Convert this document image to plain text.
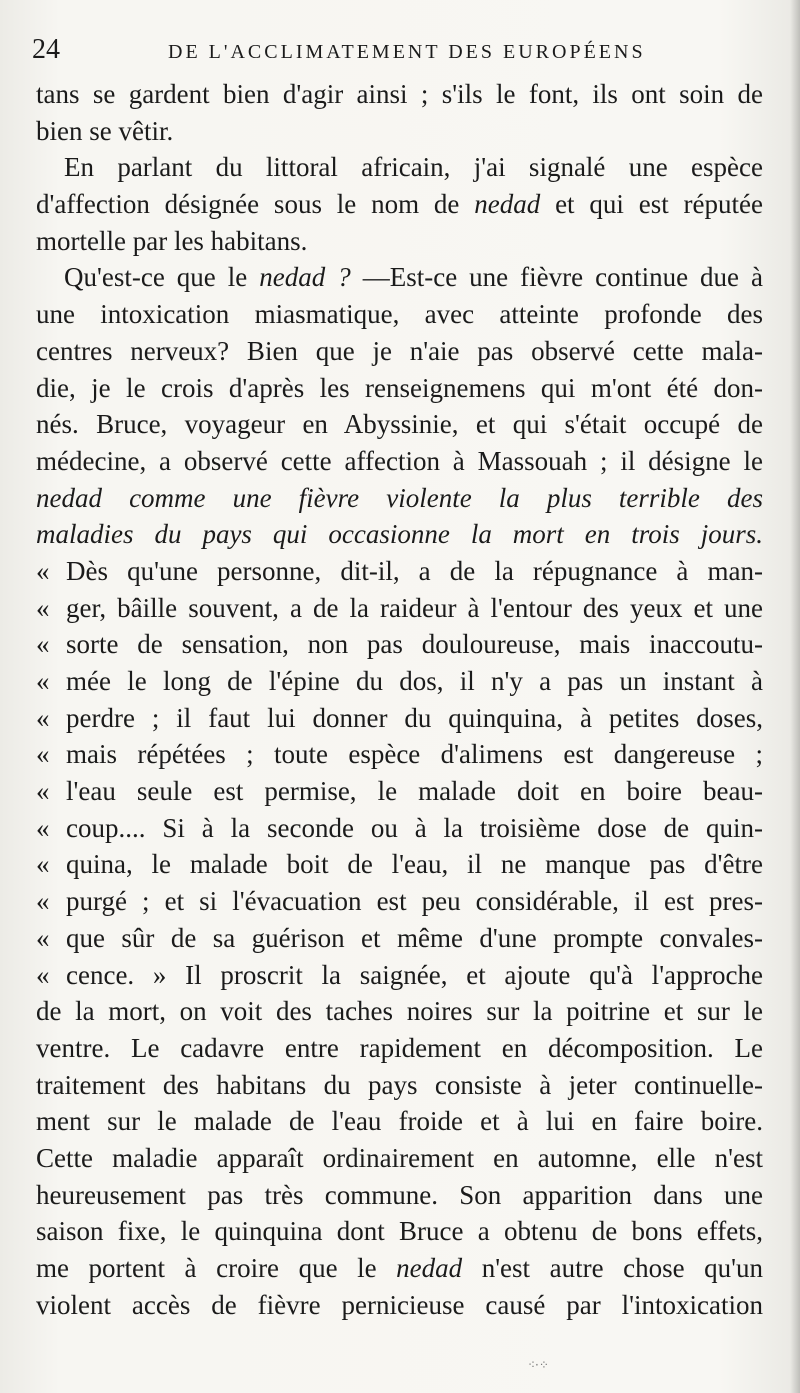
24	DE L'ACCLIMATEMENT DES EUROPÉENS
tans se gardent bien d'agir ainsi ; s'ils le font, ils ont soin de
bien se vêtir.
En parlant du littoral africain, j'ai signalé une espèce
d'affection désignée sous le nom de nedad et qui est réputée
mortelle par les habitans.
Qu'est-ce que le nedad ? —Est-ce une fièvre continue due à
une intoxication miasmatique, avec atteinte profonde des
centres nerveux? Bien que je n'aie pas observé cette mala-
die, je le crois d'après les renseignemens qui m'ont été don-
nés. Bruce, voyageur en Abyssinie, et qui s'était occupé de
médecine, a observé cette affection à Massouah ; il désigne le
nedad comme une fièvre violente la plus terrible des
maladies du pays qui occasionne la mort en trois jours.
« Dès qu'une personne, dit-il, a de la répugnance à man-
« ger, bâille souvent, a de la raideur à l'entour des yeux et une
« sorte de sensation, non pas douloureuse, mais inaccoutu-
« mée le long de l'épine du dos, il n'y a pas un instant à
« perdre ; il faut lui donner du quinquina, à petites doses,
« mais répétées ; toute espèce d'alimens est dangereuse ;
« l'eau seule est permise, le malade doit en boire beau-
« coup.... Si à la seconde ou à la troisième dose de quin-
« quina, le malade boit de l'eau, il ne manque pas d'être
« purgé ; et si l'évacuation est peu considérable, il est pres-
« que sûr de sa guérison et même d'une prompte convales-
« cence. » Il proscrit la saignée, et ajoute qu'à l'approche
de la mort, on voit des taches noires sur la poitrine et sur le
ventre. Le cadavre entre rapidement en décomposition. Le
traitement des habitans du pays consiste à jeter continuelle-
ment sur le malade de l'eau froide et à lui en faire boire.
Cette maladie apparaît ordinairement en automne, elle n'est
heureusement pas très commune. Son apparition dans une
saison fixe, le quinquina dont Bruce a obtenu de bons effets,
me portent à croire que le nedad n'est autre chose qu'un
violent accès de fièvre pernicieuse causé par l'intoxication
⁖·⁘
